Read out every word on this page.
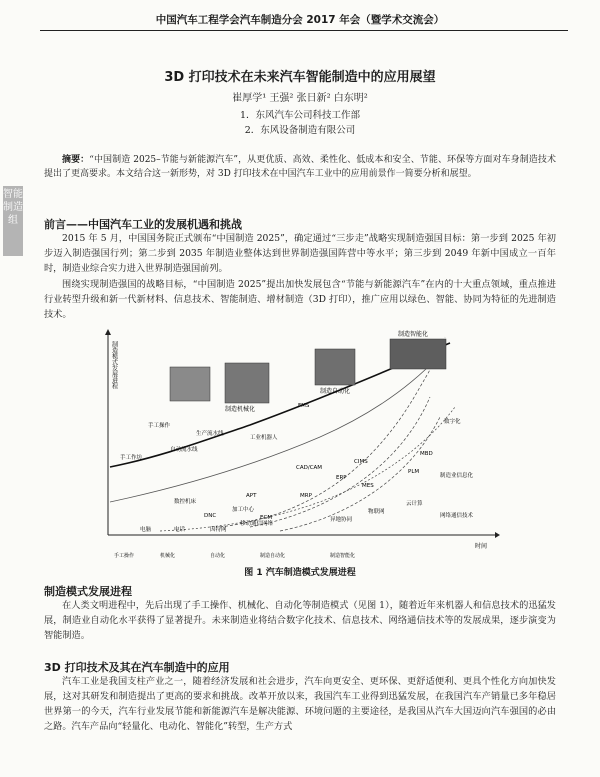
中国汽车工程学会汽车制造分会 2017 年会（暨学术交流会）
智能制造组
3D 打印技术在未来汽车智能制造中的应用展望
崔厚学¹ 王强² 张日新² 白东明²
1．东风汽车公司科技工作部
2．东风设备制造有限公司
摘要：“中国制造 2025–节能与新能源汽车”，从更优质、高效、柔性化、低成本和安全、节能、环保等方面对车身制造技术提出了更高要求。本文结合这一新形势，对 3D 打印技术在中国汽车工业中的应用前景作一简要分析和展望。
前言——中国汽车工业的发展机遇和挑战
2015 年 5 月，中国国务院正式颁布“中国制造 2025”，确定通过“三步走”战略实现制造强国目标：第一步到 2025 年初步迈入制造强国行列；第二步到 2035 年制造业整体达到世界制造强国阵营中等水平；第三步到 2049 年新中国成立一百年时，制造业综合实力进入世界制造强国前列。
围绕实现制造强国的战略目标，“中国制造 2025”提出加快发展包含“节能与新能源汽车”在内的十大重点领域，重点推进行业转型升级和新一代新材料、信息技术、智能制造、增材制造（3D 打印），推广应用以绿色、智能、协同为特征的先进制造技术。
制造模式发展进程
时间
制造机械化
制造自动化
制造智能化
手工作坊
手工操作
自动流水线
生产流水线
FMS
工业机器人
CAD/CAM
CIMS
MRP
MES
PLM
数控机床
APT
加工中心
DNC
ERP
ECM
电脑	电话	因特网
移动通信网络
异地协同
物联网
云计算
MBD
数字化
制造业信息化
网络通信技术
手工操作	机械化	自动化	制造自动化	制造智能化
图 1 汽车制造模式发展进程
制造模式发展进程
在人类文明进程中，先后出现了手工操作、机械化、自动化等制造模式（见图 1），随着近年来机器人和信息技术的迅猛发展，制造业自动化水平获得了显著提升。未来制造业将结合数字化技术、信息技术、网络通信技术等的发展成果，逐步演变为智能制造。
3D 打印技术及其在汽车制造中的应用
汽车工业是我国支柱产业之一，随着经济发展和社会进步，汽车向更安全、更环保、更舒适便利、更具个性化方向加快发展，这对其研发和制造提出了更高的要求和挑战。改革开放以来，我国汽车工业得到迅猛发展，在我国汽车产销量已多年稳居世界第一的今天，汽车行业发展节能和新能源汽车是解决能源、环境问题的主要途径，是我国从汽车大国迈向汽车强国的必由之路。汽车产品向“轻量化、电动化、智能化”转型，生产方式
